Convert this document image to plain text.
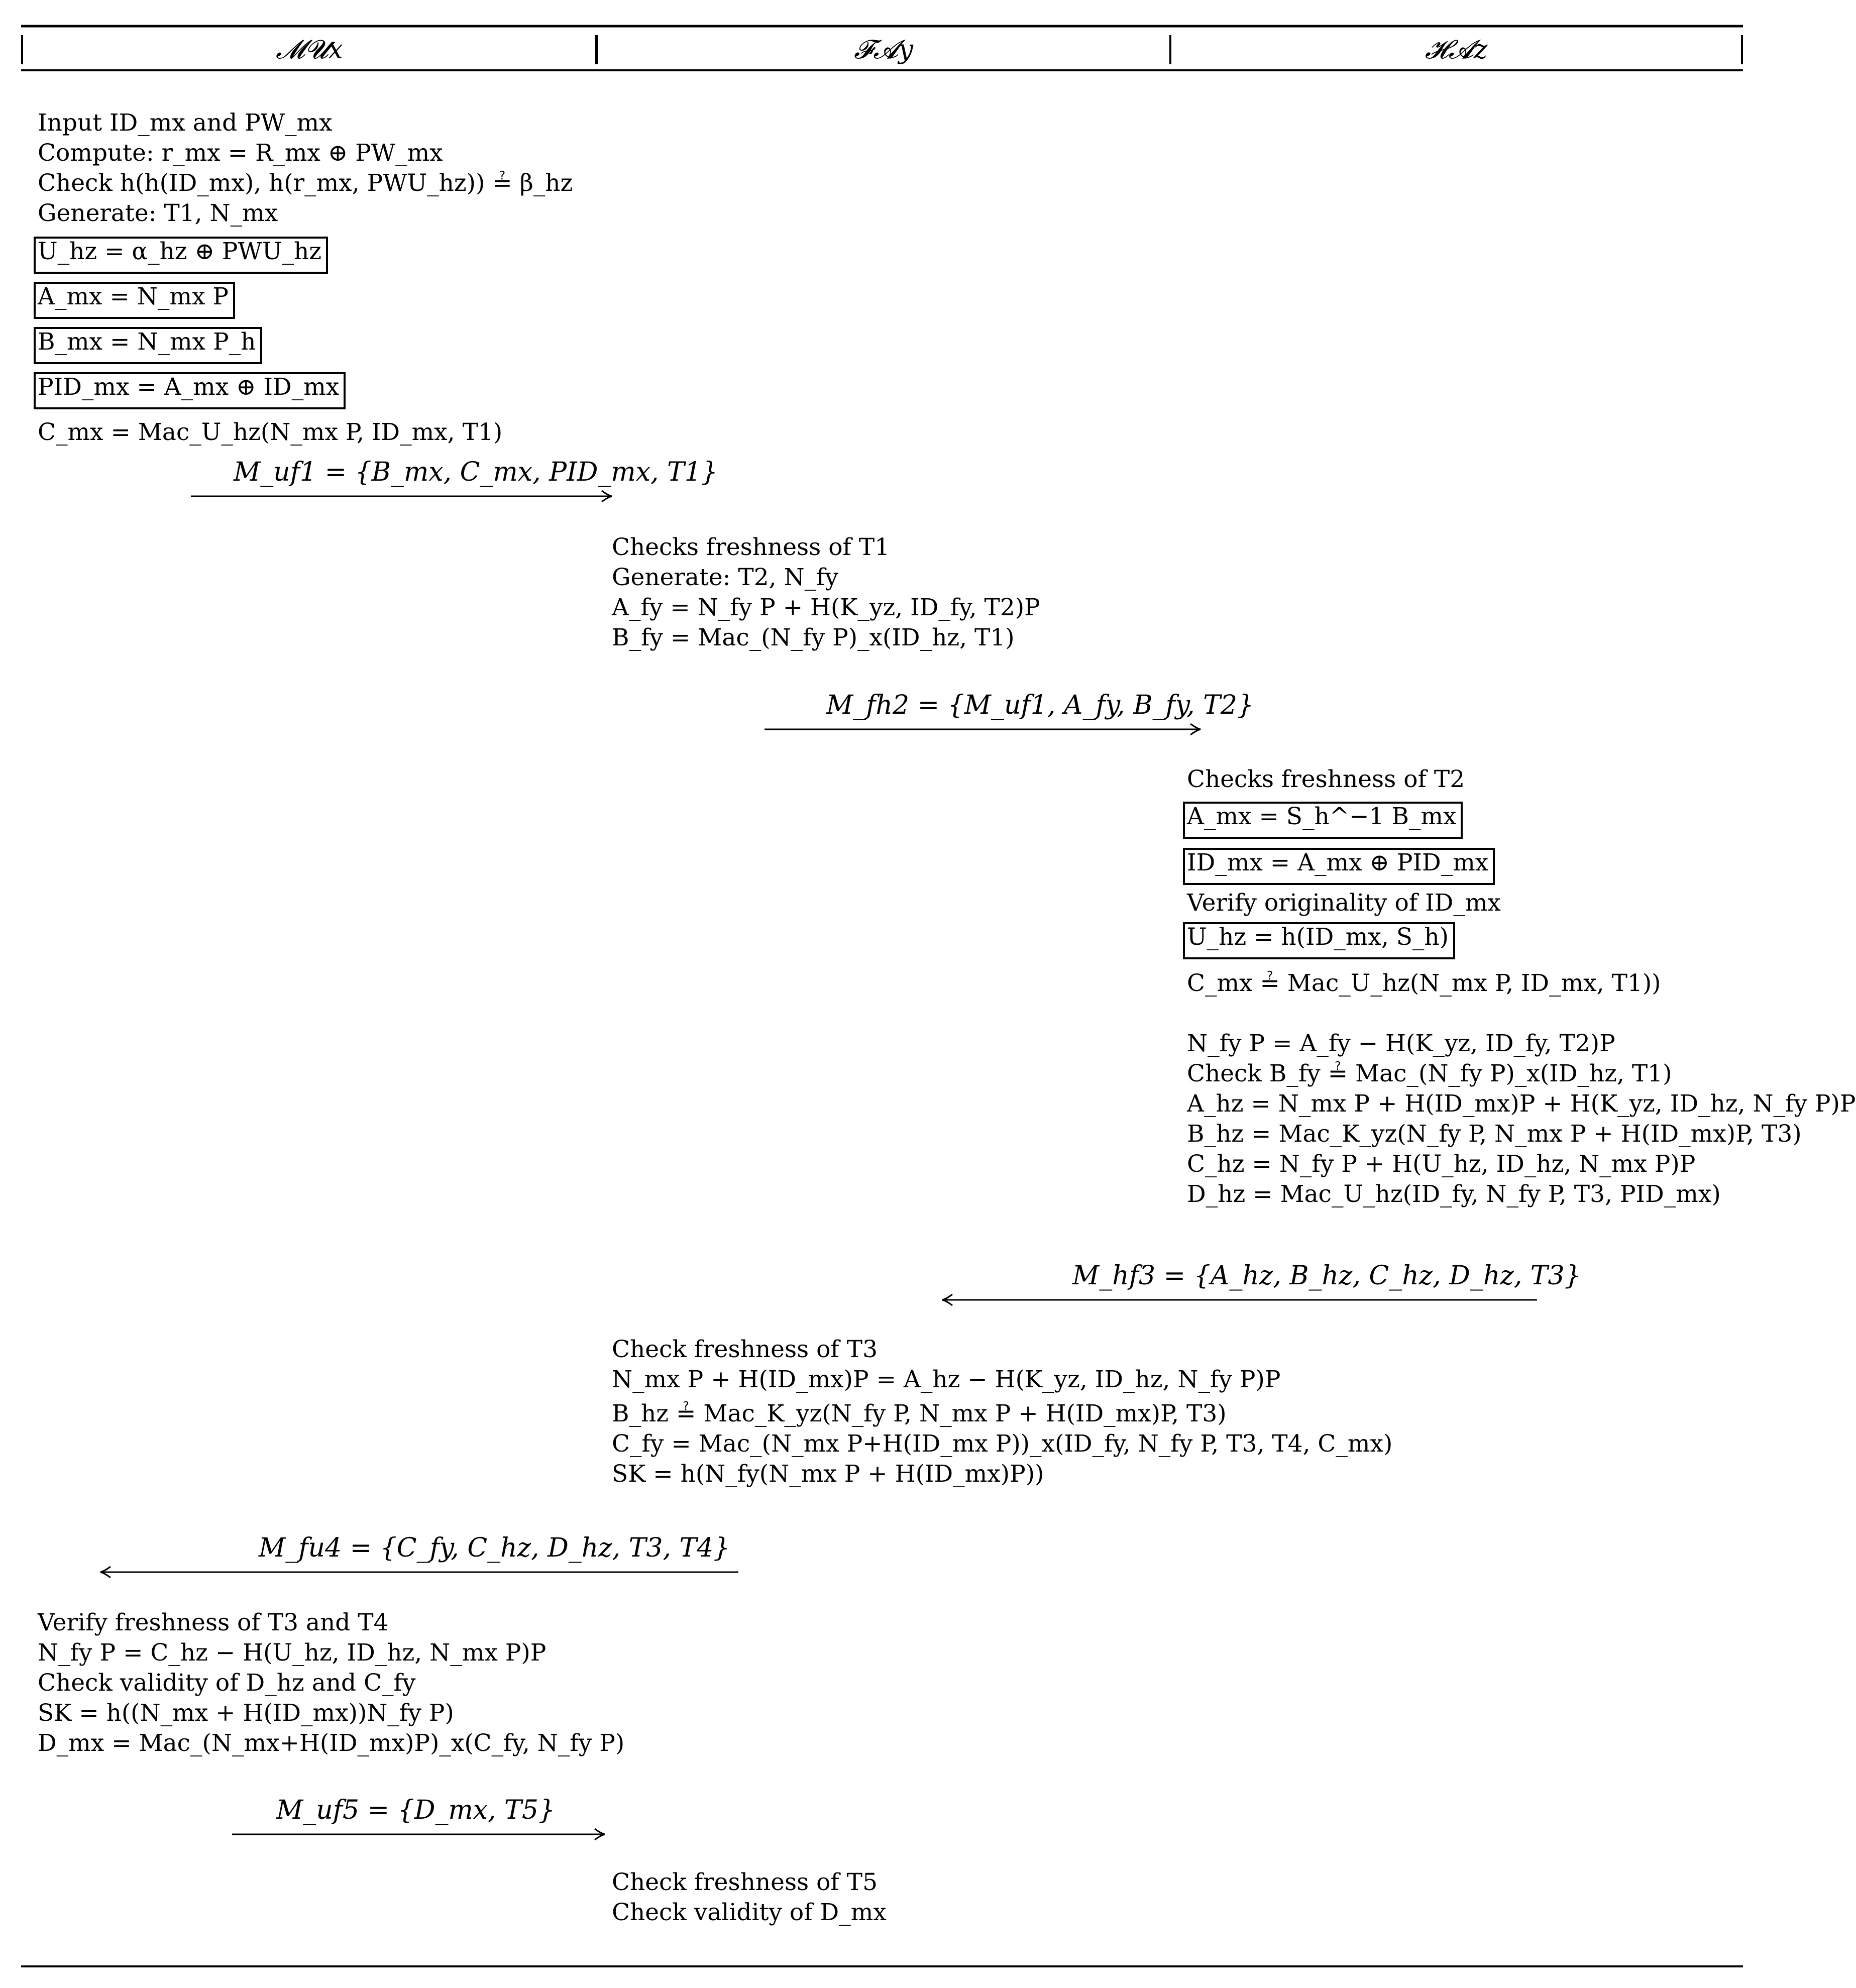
𝓜𝓤x	𝓕𝓐y	𝓗𝓐z
Input ID_mx and PW_mx
Compute: r_mx = R_mx ⊕ PW_mx
Check h(h(ID_mx), h(r_mx, PWU_hz)) ≟ β_hz
Generate: T1, N_mx
U_hz = α_hz ⊕ PWU_hz
A_mx = N_mx P
B_mx = N_mx P_h
PID_mx = A_mx ⊕ ID_mx
C_mx = Mac_U_hz(N_mx P, ID_mx, T1)
Checks freshness of T1
Generate: T2, N_fy
A_fy = N_fy P + H(K_yz, ID_fy, T2)P
B_fy = Mac_(N_fy P)_x(ID_hz, T1)
Checks freshness of T2
A_mx = S_h^−1 B_mx
ID_mx = A_mx ⊕ PID_mx
Verify originality of ID_mx
U_hz = h(ID_mx, S_h)
C_mx ≟ Mac_U_hz(N_mx P, ID_mx, T1))
N_fy P = A_fy − H(K_yz, ID_fy, T2)P
Check B_fy ≟ Mac_(N_fy P)_x(ID_hz, T1)
A_hz = N_mx P + H(ID_mx)P + H(K_yz, ID_hz, N_fy P)P
B_hz = Mac_K_yz(N_fy P, N_mx P + H(ID_mx)P, T3)
C_hz = N_fy P + H(U_hz, ID_hz, N_mx P)P
D_hz = Mac_U_hz(ID_fy, N_fy P, T3, PID_mx)
Check freshness of T3
N_mx P + H(ID_mx)P = A_hz − H(K_yz, ID_hz, N_fy P)P
B_hz ≟ Mac_K_yz(N_fy P, N_mx P + H(ID_mx)P, T3)
C_fy = Mac_(N_mx P+H(ID_mx P))_x(ID_fy, N_fy P, T3, T4, C_mx)
SK = h(N_fy(N_mx P + H(ID_mx)P))
Verify freshness of T3 and T4
N_fy P = C_hz − H(U_hz, ID_hz, N_mx P)P
Check validity of D_hz and C_fy
SK = h((N_mx + H(ID_mx))N_fy P)
D_mx = Mac_(N_mx+H(ID_mx)P)_x(C_fy, N_fy P)
Check freshness of T5
Check validity of D_mx
M_uf1 = {B_mx, C_mx, PID_mx, T1}
M_fh2 = {M_uf1, A_fy, B_fy, T2}
M_hf3 = {A_hz, B_hz, C_hz, D_hz, T3}
M_fu4 = {C_fy, C_hz, D_hz, T3, T4}
M_uf5 = {D_mx, T5}
